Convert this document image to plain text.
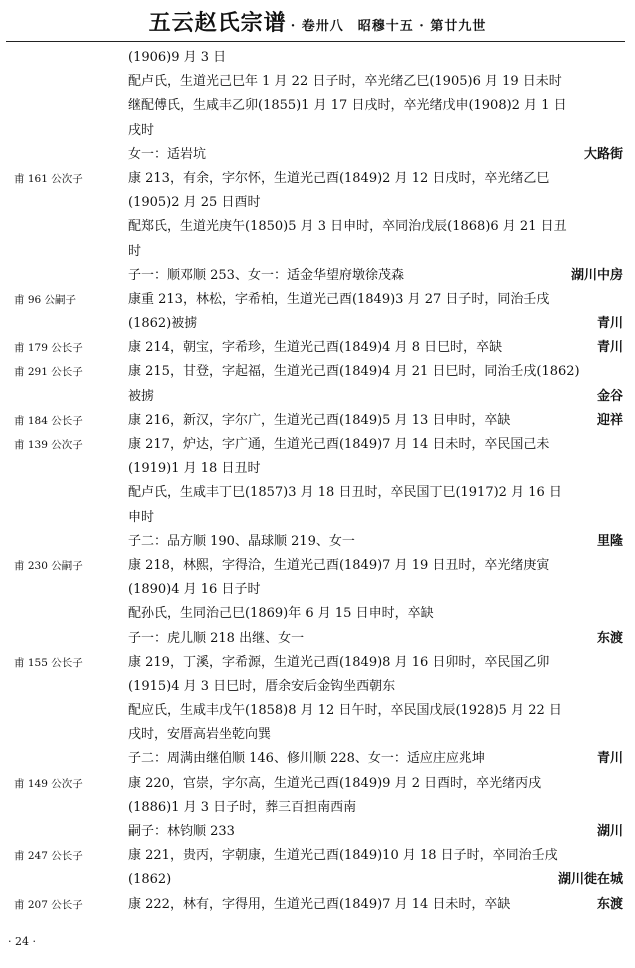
五云赵氏宗谱 · 卷卅八　昭穆十五 · 第廿九世
(1906)9 月 3 日
配卢氏，生道光己巳年 1 月 22 日子时，卒光绪乙巳(1905)6 月 19 日未时
继配傅氏，生咸丰乙卯(1855)1 月 17 日戌时，卒光绪戊申(1908)2 月 1 日
戌时
女一：适岩坑	大路街
甫 161 公次子	康 213，有余，字尔怀，生道光己酉(1849)2 月 12 日戌时，卒光绪乙巳
(1905)2 月 25 日酉时
配郑氏，生道光庚午(1850)5 月 3 日申时，卒同治戊辰(1868)6 月 21 日丑
时
子一：顺邓顺 253、女一：适金华望府墩徐茂森	湖川中房
甫 96 公嗣子	康重 213，林松，字希柏，生道光己酉(1849)3 月 27 日子时，同治壬戌
(1862)被掳	青川
甫 179 公长子	康 214，朝宝，字希珍，生道光己酉(1849)4 月 8 日巳时，卒缺	青川
甫 291 公长子	康 215，甘登，字起福，生道光己酉(1849)4 月 21 日巳时，同治壬戌(1862)
被掳	金谷
甫 184 公长子	康 216，新汉，字尔广，生道光己酉(1849)5 月 13 日申时，卒缺	迎祥
甫 139 公次子	康 217，炉达，字广通，生道光己酉(1849)7 月 14 日未时，卒民国己未
(1919)1 月 18 日丑时
配卢氏，生咸丰丁巳(1857)3 月 18 日丑时，卒民国丁巳(1917)2 月 16 日
申时
子二：品方顺 190、晶球顺 219、女一	里隆
甫 230 公嗣子	康 218，林熙，字得洽，生道光己酉(1849)7 月 19 日丑时，卒光绪庚寅
(1890)4 月 16 日子时
配孙氏，生同治己巳(1869)年 6 月 15 日申时，卒缺
子一：虎儿顺 218 出继、女一	东渡
甫 155 公长子	康 219，丁溪，字希源，生道光己酉(1849)8 月 16 日卯时，卒民国乙卯
(1915)4 月 3 日巳时，厝余安后金钩坐西朝东
配应氏，生咸丰戊午(1858)8 月 12 日午时，卒民国戊辰(1928)5 月 22 日
戌时，安厝高岩坐乾向巽
子二：周满由继伯顺 146、修川顺 228、女一：适应庄应兆坤	青川
甫 149 公次子	康 220，官崇，字尔高，生道光己酉(1849)9 月 2 日酉时，卒光绪丙戌
(1886)1 月 3 日子时，葬三百担南西南
嗣子：林钧顺 233	湖川
甫 247 公长子	康 221，贵丙，字朝康，生道光己酉(1849)10 月 18 日子时，卒同治壬戌
(1862)	湖川徙在城
甫 207 公长子	康 222，林有，字得用，生道光己酉(1849)7 月 14 日未时，卒缺	东渡
· 24 ·
